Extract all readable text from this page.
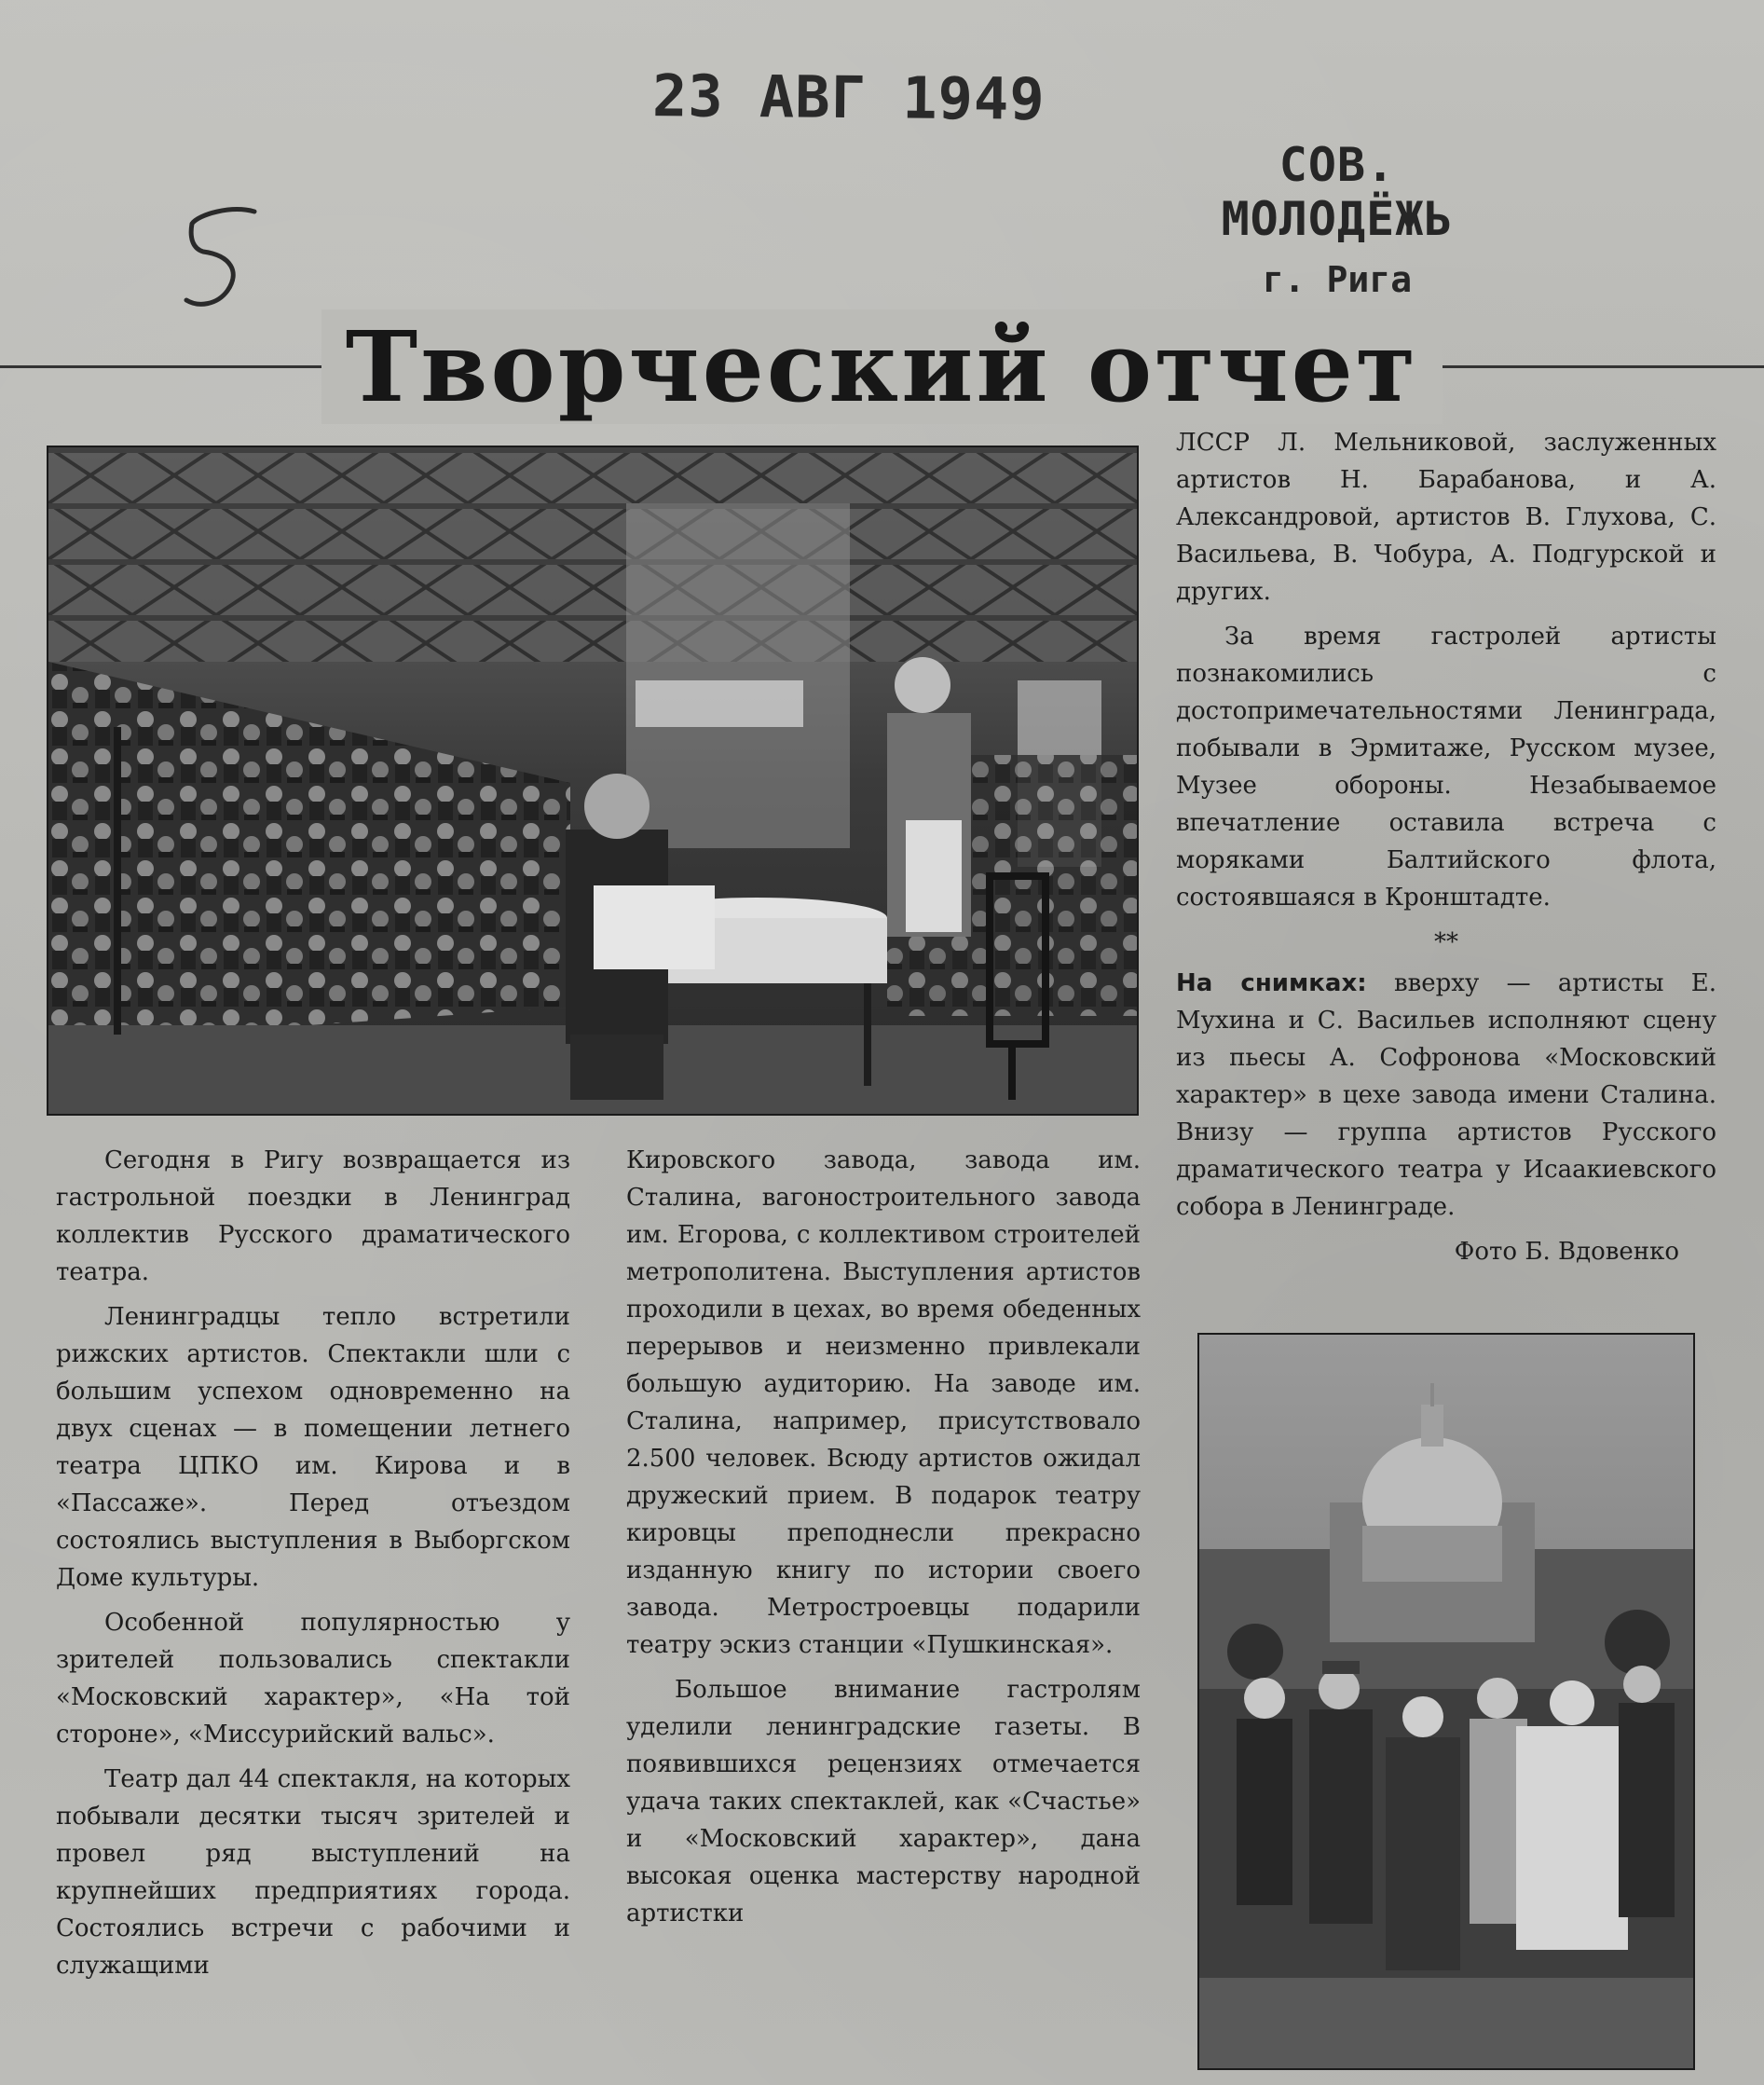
23 АВГ 1949
СОВ. МОЛОДЁЖЬ
г. Рига
Творческий отчет

Сегодня в Ригу возвращается из гастрольной поездки в Ленинград коллектив Русского драматического театра.

Ленинградцы тепло встретили рижских артистов. Спектакли шли с большим успехом одновременно на двух сценах — в помещении летнего театра ЦПКО им. Кирова и в «Пассаже». Перед отъездом состоялись выступления в Выборгском Доме культуры.

Особенной популярностью у зрителей пользовались спектакли «Московский характер», «На той стороне», «Миссурийский вальс».

Театр дал 44 спектакля, на которых побывали десятки тысяч зрителей и провел ряд выступлений на крупнейших предприятиях города. Состоялись встречи с рабочими и служащими

Кировского завода, завода им. Сталина, вагоностроительного завода им. Егорова, с коллективом строителей метрополитена. Выступления артистов проходили в цехах, во время обеденных перерывов и неизменно привлекали большую аудиторию. На заводе им. Сталина, например, присутствовало 2.500 человек. Всюду артистов ожидал дружеский прием. В подарок театру кировцы преподнесли прекрасно изданную книгу по истории своего завода. Метростроевцы подарили театру эскиз станции «Пушкинская».

Большое внимание гастролям уделили ленинградские газеты. В появившихся рецензиях отмечается удача таких спектаклей, как «Счастье» и «Московский характер», дана высокая оценка мастерству народной артистки

ЛССР Л. Мельниковой, заслуженных артистов Н. Барабанова, и А. Александровой, артистов В. Глухова, С. Васильева, В. Чобура, А. Подгурской и других.

За время гастролей артисты познакомились с достопримечательностями Ленинграда, побывали в Эрмитаже, Русском музее, Музее обороны. Незабываемое впечатление оставила встреча с моряками Балтийского флота, состоявшаяся в Кронштадте.

**

На снимках: вверху — артисты Е. Мухина и С. Васильев исполняют сцену из пьесы А. Софронова «Московский характер» в цехе завода имени Сталина. Внизу — группа артистов Русского драматического театра у Исаакиевского собора в Ленинграде.

Фото Б. Вдовенко
